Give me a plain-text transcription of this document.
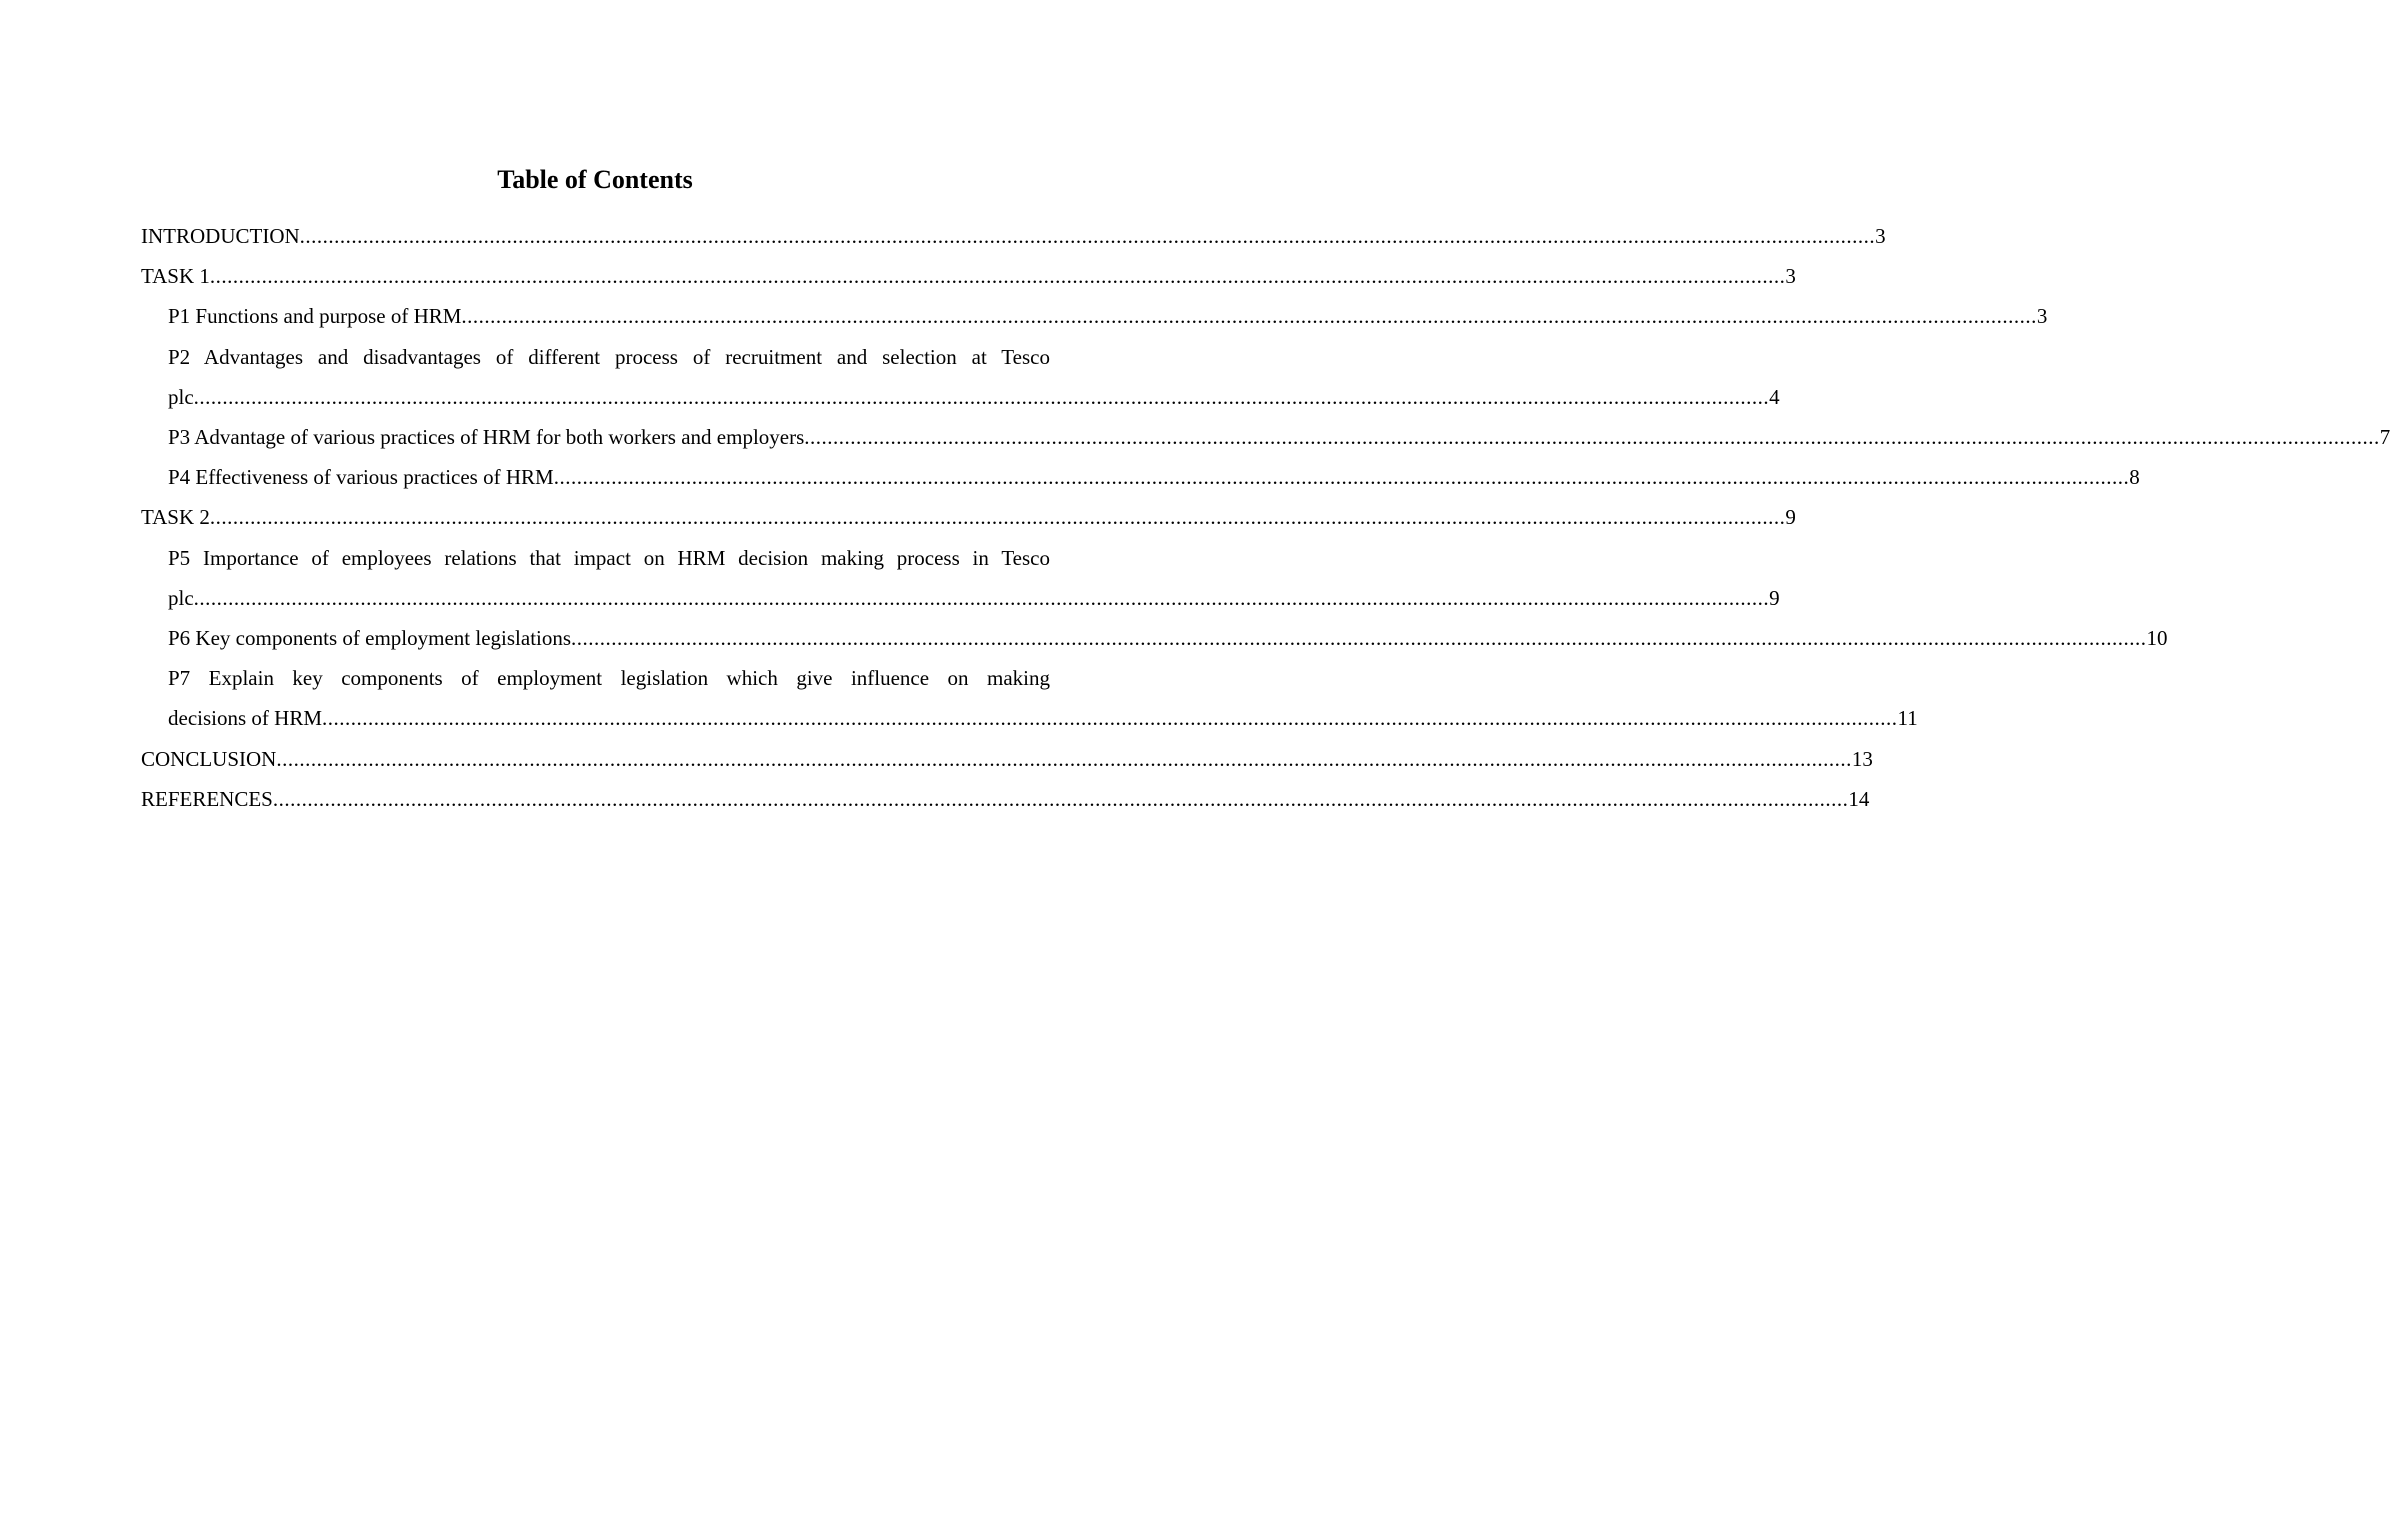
Table of Contents
INTRODUCTION .................................................................................................................................................................................................................................................................................. 3
TASK 1 .................................................................................................................................................................................................................................................................................. 3
P1 Functions and purpose of HRM .................................................................................................................................................................................................................................................................................. 3
P2 Advantages and disadvantages of different process of recruitment and selection at Tesco
plc .................................................................................................................................................................................................................................................................................. 4
P3 Advantage of various practices of HRM for both workers and employers .................................................................................................................................................................................................................................................................................. 7
P4 Effectiveness of various practices of HRM .................................................................................................................................................................................................................................................................................. 8
TASK 2 .................................................................................................................................................................................................................................................................................. 9
P5 Importance of employees relations that impact on HRM decision making process in Tesco
plc .................................................................................................................................................................................................................................................................................. 9
P6 Key components of employment legislations .................................................................................................................................................................................................................................................................................. 10
P7 Explain key components of employment legislation which give influence on making
decisions of HRM .................................................................................................................................................................................................................................................................................. 11
CONCLUSION .................................................................................................................................................................................................................................................................................. 13
REFERENCES .................................................................................................................................................................................................................................................................................. 14
